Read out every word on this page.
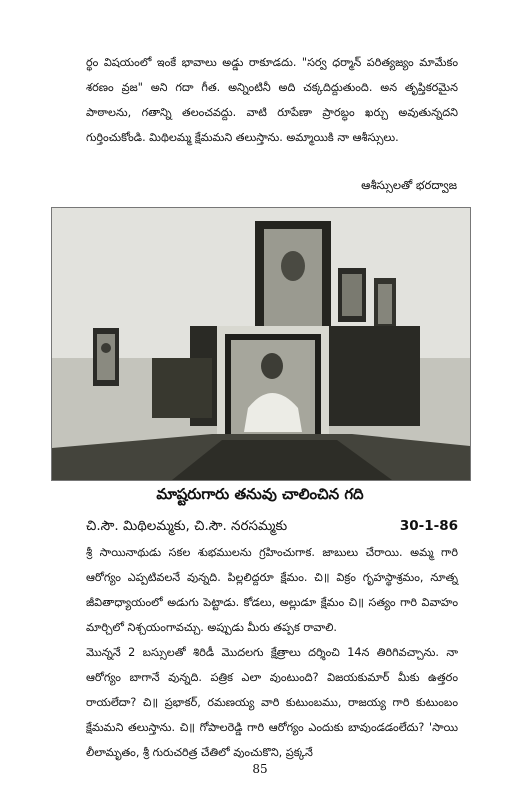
ర్థం విషయంలో ఇంకే భావాలు అడ్డు రాకూడదు. "సర్వ ధర్మాన్ పరిత్యజ్యం మామేకం శరణం వ్రజ" అని గదా గీత. అన్నింటినీ అది చక్కదిద్దుతుంది. అన తృప్తికరమైన పాఠాలను, గతాన్ని తలంచవద్దు. వాటి రూపేణా ప్రారబ్ధం ఖర్చు అవుతున్నదని గుర్తించుకోండి. మిథిలమ్మ క్షేమమని తలుస్తాను. అమ్మాయికి నా ఆశీస్సులు.

ఆశీస్సులతో భరద్వాజ
మాష్టరుగారు తనువు చాలించిన గది
చి.సౌ. మిథిలమ్మకు, చి.సౌ. నరసమ్మకు	30-1-86

శ్రీ సాయినాథుడు సకల శుభములను గ్రహించుగాక. జాబులు చేరాయి. అమ్మ గారి ఆరోగ్యం ఎప్పటివలనే వున్నది. పిల్లలిద్దరూ క్షేమం. చి॥ విక్రం గృహస్థాశ్రమం, నూత్న జీవితాధ్యాయంలో అడుగు పెట్టాడు. కోడలు, అల్లుడూ క్షేమం చి॥ సత్యం గారి వివాహం మార్చిలో నిశ్చయంగావచ్చు. అప్పుడు మీరు తప్పక రావాలి.
మొన్ననే 2 బస్సులతో శిరిడీ మొదలగు క్షేత్రాలు దర్శించి 14న తిరిగివచ్చాను. నా ఆరోగ్యం బాగానే వున్నది. పత్రిక ఎలా వుంటుంది? విజయకుమార్ మీకు ఉత్తరం రాయలేదా? చి॥ ప్రభాకర్, రమణయ్య వారి కుటుంబము, రాజయ్య గారి కుటుంబం క్షేమమని తలుస్తాను. చి॥ గోపాలరెడ్డి గారి ఆరోగ్యం ఎందుకు బావుండడంలేదు? 'సాయి లీలామృతం, శ్రీ గురుచరిత్ర చేతిలో వుంచుకొని, ప్రక్కనే

85
